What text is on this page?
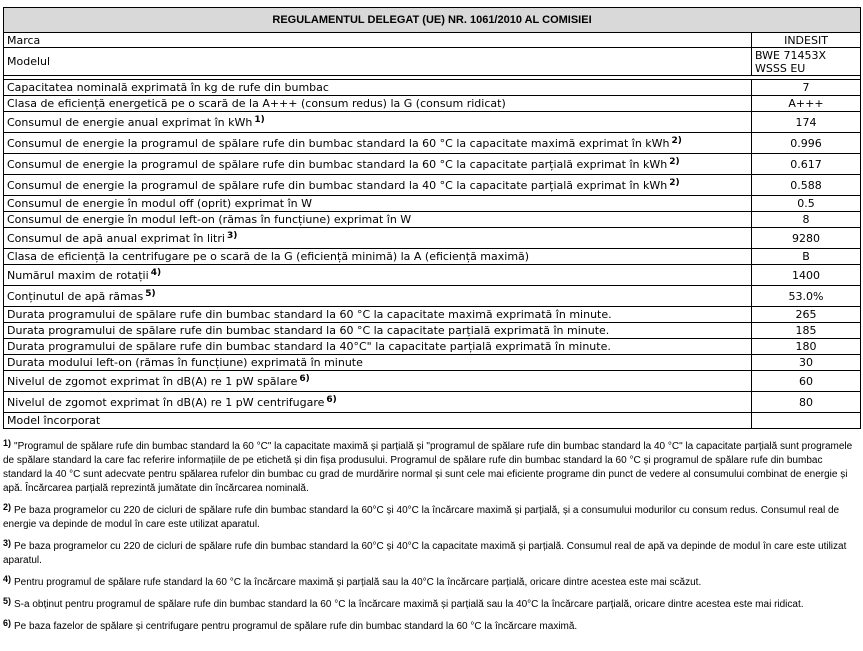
REGULAMENTUL DELEGAT (UE) NR. 1061/2010 AL COMISIEI	
Marca	INDESIT
Modelul	BWE 71453X
WSSS EU

Capacitatea nominală exprimată în kg de rufe din bumbac	7
Clasa de eficiență energetică pe o scară de la A+++ (consum redus) la G (consum ridicat)	A+++
Consumul de energie anual exprimat în kWh $^{1)}$	174
Consumul de energie la programul de spălare rufe din bumbac standard la 60 °C la capacitate maximă exprimat în kWh $^{2)}$	0.996
Consumul de energie la programul de spălare rufe din bumbac standard la 60 °C la capacitate parțială exprimat în kWh $^{2)}$	0.617
Consumul de energie la programul de spălare rufe din bumbac standard la 40 °C la capacitate parțială exprimat în kWh $^{2)}$	0.588
Consumul de energie în modul off (oprit) exprimat în W	0.5
Consumul de energie în modul left-on (rămas în funcțiune) exprimat în W	8
Consumul de apă anual exprimat în litri $^{3)}$	9280
Clasa de eficiență la centrifugare pe o scară de la G (eficiență minimă) la A (eficiență maximă)	B
Numărul maxim de rotații $^{4)}$	1400
Conținutul de apă rămas $^{5)}$	53.0%
Durata programului de spălare rufe din bumbac standard la 60 °C la capacitate maximă exprimată în minute.	265
Durata programului de spălare rufe din bumbac standard la 60 °C la capacitate parțială exprimată în minute.	185
Durata programului de spălare rufe din bumbac standard la 40°C" la capacitate parțială exprimată în minute.	180
Durata modului left-on (rămas în funcțiune) exprimată în minute	30
Nivelul de zgomot exprimat în dB(A) re 1 pW spălare $^{6)}$	60
Nivelul de zgomot exprimat în dB(A) re 1 pW centrifugare $^{6)}$	80
Model încorporat	
1) "Programul de spălare rufe din bumbac standard la 60 °C" la capacitate maximă și parțială și "programul de spălare rufe din bumbac standard la 40 °C" la capacitate parțială sunt programele de spălare standard la care fac referire informațiile de pe etichetă și din fișa produsului. Programul de spălare rufe din bumbac standard la 60 °C și programul de spălare rufe din bumbac standard la 40 °C sunt adecvate pentru spălarea rufelor din bumbac cu grad de murdărire normal și sunt cele mai eficiente programe din punct de vedere al consumului combinat de energie și apă. Încărcarea parțială reprezintă jumătate din încărcarea nominală.
2) Pe baza programelor cu 220 de cicluri de spălare rufe din bumbac standard la 60°C și 40°C la încărcare maximă și parțială, și a consumului modurilor cu consum redus. Consumul real de energie va depinde de modul în care este utilizat aparatul.
3) Pe baza programelor cu 220 de cicluri de spălare rufe din bumbac standard la 60°C și 40°C la capacitate maximă și parțială. Consumul real de apă va depinde de modul în care este utilizat aparatul.
4) Pentru programul de spălare rufe standard la 60 °C la încărcare maximă și parțială sau la 40°C la încărcare parțială, oricare dintre acestea este mai scăzut.
5) S-a obținut pentru programul de spălare rufe din bumbac standard la 60 °C la încărcare maximă și parțială sau la 40°C la încărcare parțială, oricare dintre acestea este mai ridicat.
6) Pe baza fazelor de spălare și centrifugare pentru programul de spălare rufe din bumbac standard la 60 °C la încărcare maximă.
